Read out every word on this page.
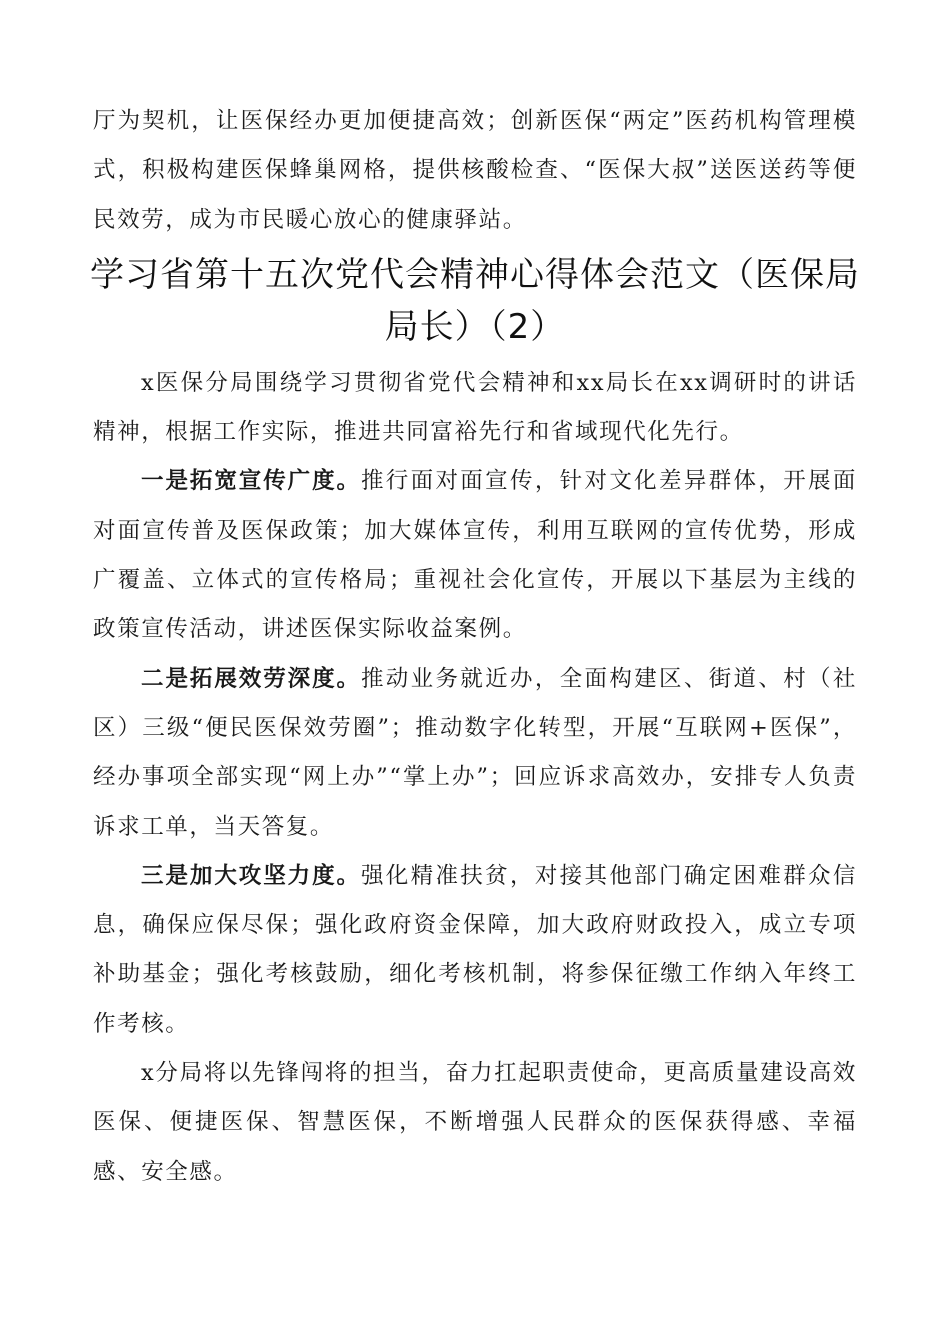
厅为契机，让医保经办更加便捷高效；创新医保“两定”医药机构管理模式，积极构建医保蜂巢网格，提供核酸检查、“医保大叔”送医送药等便民效劳，成为市民暖心放心的健康驿站。

学习省第十五次党代会精神心得体会范文（医保局局长）（2）

x医保分局围绕学习贯彻省党代会精神和xx局长在xx调研时的讲话精神，根据工作实际，推进共同富裕先行和省域现代化先行。

一是拓宽宣传广度。推行面对面宣传，针对文化差异群体，开展面对面宣传普及医保政策；加大媒体宣传，利用互联网的宣传优势，形成广覆盖、立体式的宣传格局；重视社会化宣传，开展以下基层为主线的政策宣传活动，讲述医保实际收益案例。

二是拓展效劳深度。推动业务就近办，全面构建区、街道、村（社区）三级“便民医保效劳圈”；推动数字化转型，开展“互联网+医保”，经办事项全部实现“网上办”“掌上办”；回应诉求高效办，安排专人负责诉求工单，当天答复。

三是加大攻坚力度。强化精准扶贫，对接其他部门确定困难群众信息，确保应保尽保；强化政府资金保障，加大政府财政投入，成立专项补助基金；强化考核鼓励，细化考核机制，将参保征缴工作纳入年终工作考核。

x分局将以先锋闯将的担当，奋力扛起职责使命，更高质量建设高效医保、便捷医保、智慧医保，不断增强人民群众的医保获得感、幸福感、安全感。
